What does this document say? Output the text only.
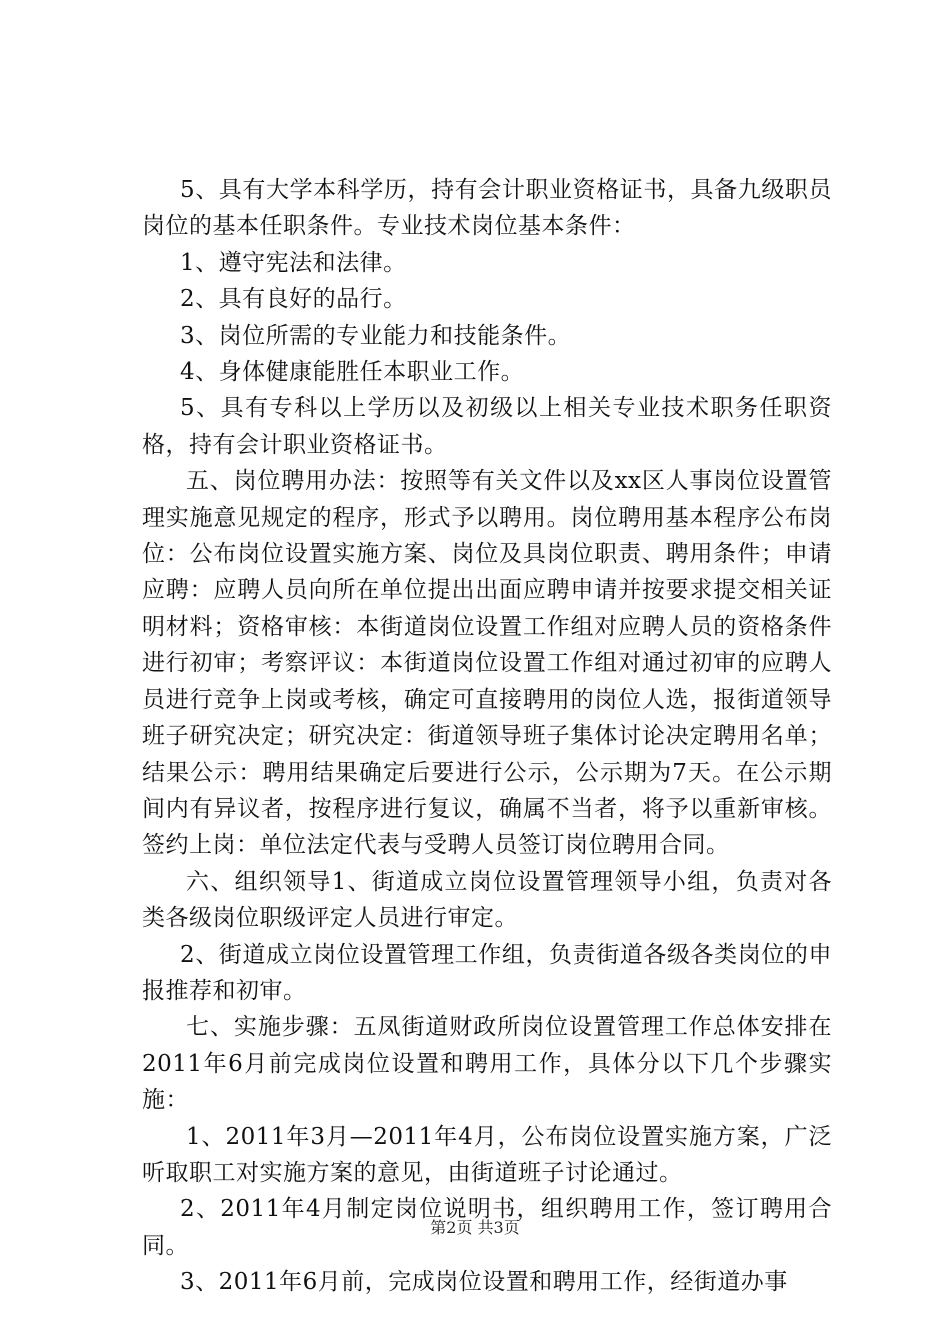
5、具有大学本科学历，持有会计职业资格证书，具备九级职员岗位的基本任职条件。专业技术岗位基本条件：

1、遵守宪法和法律。

2、具有良好的品行。

3、岗位所需的专业能力和技能条件。

4、身体健康能胜任本职业工作。

5、具有专科以上学历以及初级以上相关专业技术职务任职资格，持有会计职业资格证书。

五、岗位聘用办法：按照等有关文件以及xx区人事岗位设置管理实施意见规定的程序，形式予以聘用。岗位聘用基本程序公布岗位：公布岗位设置实施方案、岗位及具岗位职责、聘用条件；申请应聘：应聘人员向所在单位提出出面应聘申请并按要求提交相关证明材料；资格审核：本街道岗位设置工作组对应聘人员的资格条件进行初审；考察评议：本街道岗位设置工作组对通过初审的应聘人员进行竞争上岗或考核，确定可直接聘用的岗位人选，报街道领导班子研究决定；研究决定：街道领导班子集体讨论决定聘用名单；结果公示：聘用结果确定后要进行公示，公示期为7天。在公示期间内有异议者，按程序进行复议，确属不当者，将予以重新审核。签约上岗：单位法定代表与受聘人员签订岗位聘用合同。

六、组织领导1、街道成立岗位设置管理领导小组，负责对各类各级岗位职级评定人员进行审定。

2、街道成立岗位设置管理工作组，负责街道各级各类岗位的申报推荐和初审。

七、实施步骤：五凤街道财政所岗位设置管理工作总体安排在2011年6月前完成岗位设置和聘用工作，具体分以下几个步骤实施：

1、2011年3月—2011年4月，公布岗位设置实施方案，广泛听取职工对实施方案的意见，由街道班子讨论通过。

2、2011年4月制定岗位说明书，组织聘用工作，签订聘用合同。

3、2011年6月前，完成岗位设置和聘用工作，经街道办事

第2页 共3页
